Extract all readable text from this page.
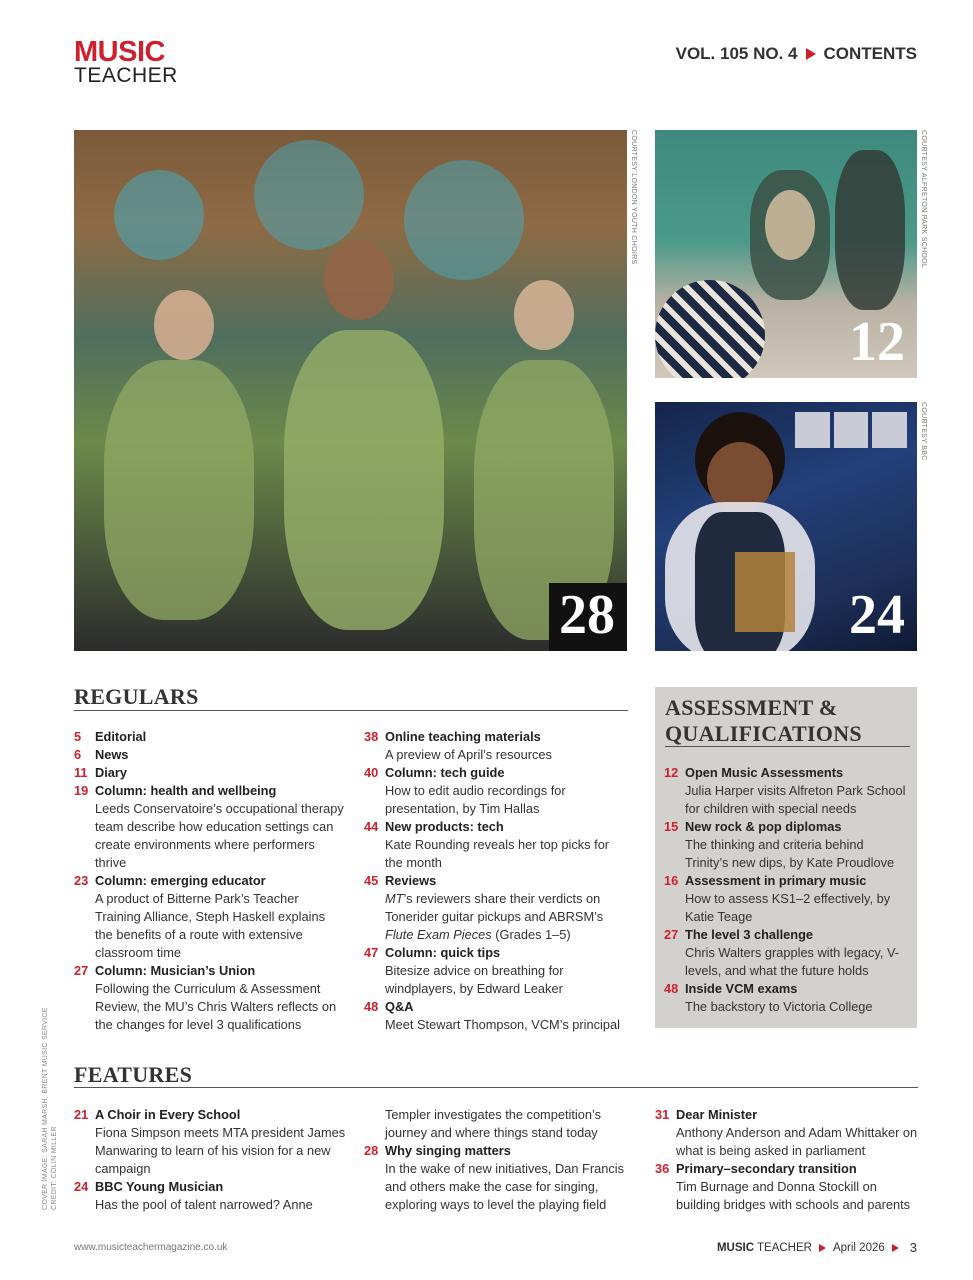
MUSIC
TEACHER
VOL. 105 NO. 4 CONTENTS
28
COURTESY LONDON YOUTH CHOIRS
12
COURTESY ALFRETON PARK SCHOOL
24
COURTESY BBC
REGULARS
5 Editorial
6 News
11 Diary
19 Column: health and wellbeing
Leeds Conservatoire’s occupational therapy team describe how education settings can create environments where performers thrive
23 Column: emerging educator
A product of Bitterne Park’s Teacher Training Alliance, Steph Haskell explains the benefits of a route with extensive classroom time
27 Column: Musician’s Union
Following the Curriculum & Assessment Review, the MU’s Chris Walters reflects on the changes for level 3 qualifications
38 Online teaching materials
A preview of April’s resources
40 Column: tech guide
How to edit audio recordings for presentation, by Tim Hallas
44 New products: tech
Kate Rounding reveals her top picks for the month
45 Reviews
MT’s reviewers share their verdicts on Tonerider guitar pickups and ABRSM’s Flute Exam Pieces (Grades 1–5)
47 Column: quick tips
Bitesize advice on breathing for windplayers, by Edward Leaker
48 Q&A
Meet Stewart Thompson, VCM’s principal
ASSESSMENT &
QUALIFICATIONS
12 Open Music Assessments
Julia Harper visits Alfreton Park School for children with special needs
15 New rock & pop diplomas
The thinking and criteria behind Trinity’s new dips, by Kate Proudlove
16 Assessment in primary music
How to assess KS1–2 effectively, by Katie Teage
27 The level 3 challenge
Chris Walters grapples with legacy, V-levels, and what the future holds
48 Inside VCM exams
The backstory to Victoria College
FEATURES
21 A Choir in Every School
Fiona Simpson meets MTA president James Manwaring to learn of his vision for a new campaign
24 BBC Young Musician
Has the pool of talent narrowed? Anne
Templer investigates the competition’s journey and where things stand today
28 Why singing matters
In the wake of new initiatives, Dan Francis and others make the case for singing, exploring ways to level the playing field
31 Dear Minister
Anthony Anderson and Adam Whittaker on what is being asked in parliament
36 Primary–secondary transition
Tim Burnage and Donna Stockill on building bridges with schools and parents
COVER IMAGE: SARAH MARSH, BRENT MUSIC SERVICE CREDIT: COLIN MILLER
www.musicteachermagazine.co.uk	MUSIC TEACHER April 2026 3
